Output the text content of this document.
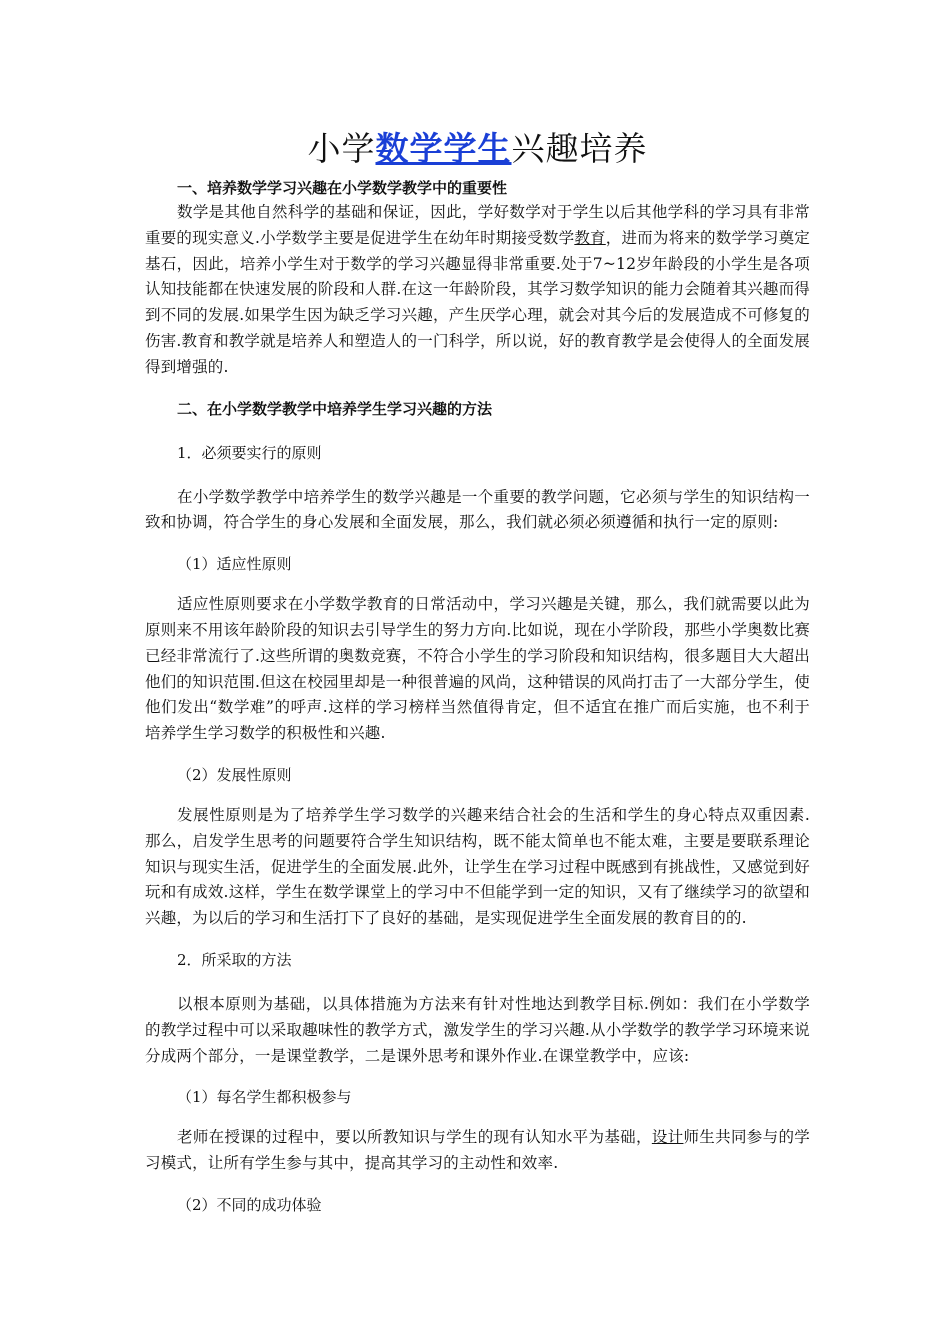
小学数学学生兴趣培养

一、培养数学学习兴趣在小学数学教学中的重要性

数学是其他自然科学的基础和保证，因此，学好数学对于学生以后其他学科的学习具有非常重要的现实意义.小学数学主要是促进学生在幼年时期接受数学教育，进而为将来的数学学习奠定基石，因此，培养小学生对于数学的学习兴趣显得非常重要.处于7~12岁年龄段的小学生是各项认知技能都在快速发展的阶段和人群.在这一年龄阶段，其学习数学知识的能力会随着其兴趣而得到不同的发展.如果学生因为缺乏学习兴趣，产生厌学心理，就会对其今后的发展造成不可修复的伤害.教育和教学就是培养人和塑造人的一门科学，所以说，好的教育教学是会使得人的全面发展得到增强的.

二、在小学数学教学中培养学生学习兴趣的方法

1．必须要实行的原则

在小学数学教学中培养学生的数学兴趣是一个重要的教学问题，它必须与学生的知识结构一致和协调，符合学生的身心发展和全面发展，那么，我们就必须必须遵循和执行一定的原则:

（1）适应性原则

适应性原则要求在小学数学教育的日常活动中，学习兴趣是关键，那么，我们就需要以此为原则来不用该年龄阶段的知识去引导学生的努力方向.比如说，现在小学阶段，那些小学奥数比赛已经非常流行了.这些所谓的奥数竞赛，不符合小学生的学习阶段和知识结构，很多题目大大超出他们的知识范围.但这在校园里却是一种很普遍的风尚，这种错误的风尚打击了一大部分学生，使他们发出“数学难”的呼声.这样的学习榜样当然值得肯定，但不适宜在推广而后实施，也不利于培养学生学习数学的积极性和兴趣.

（2）发展性原则

发展性原则是为了培养学生学习数学的兴趣来结合社会的生活和学生的身心特点双重因素.那么，启发学生思考的问题要符合学生知识结构，既不能太简单也不能太难，主要是要联系理论知识与现实生活，促进学生的全面发展.此外，让学生在学习过程中既感到有挑战性，又感觉到好玩和有成效.这样，学生在数学课堂上的学习中不但能学到一定的知识，又有了继续学习的欲望和兴趣，为以后的学习和生活打下了良好的基础，是实现促进学生全面发展的教育目的的.

2．所采取的方法

以根本原则为基础，以具体措施为方法来有针对性地达到教学目标.例如：我们在小学数学的教学过程中可以采取趣味性的教学方式，激发学生的学习兴趣.从小学数学的教学学习环境来说分成两个部分，一是课堂教学，二是课外思考和课外作业.在课堂教学中，应该:

（1）每名学生都积极参与

老师在授课的过程中，要以所教知识与学生的现有认知水平为基础，设计师生共同参与的学习模式，让所有学生参与其中，提高其学习的主动性和效率.

（2）不同的成功体验
